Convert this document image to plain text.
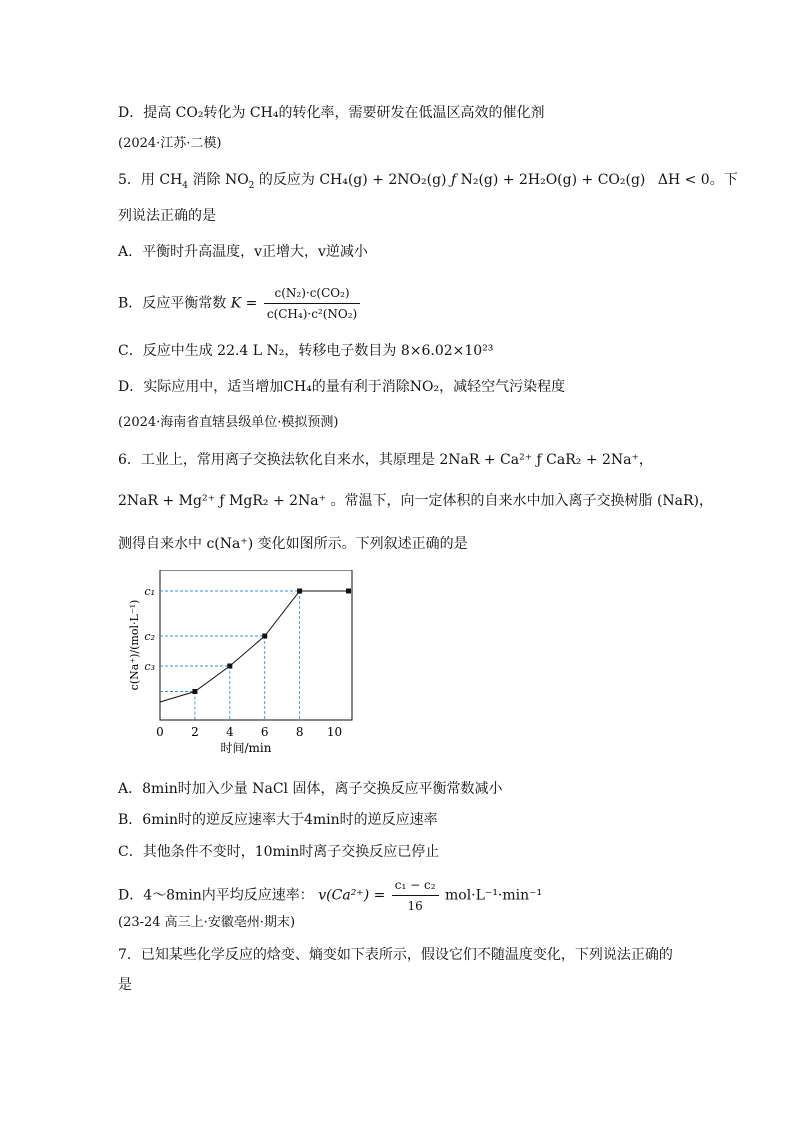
D．提高 CO₂转化为 CH₄的转化率，需要研发在低温区高效的催化剂
(2024·江苏·二模)
5．用 $CH_4$ 消除 $NO_2$ 的反应为 CH₄(g) + 2NO₂(g) ƒ N₂(g) + 2H₂O(g) + CO₂(g) ΔH < 0。下
列说法正确的是
A．平衡时升高温度，v正增大，v逆减小
B．反应平衡常数 $K = \frac{\text{c(N₂)·c(CO₂)}}{\text{c(CH₄)·c²(NO₂)}}$
C．反应中生成 22.4 L N₂，转移电子数目为 8×6.02×10²³
D．实际应用中，适当增加CH₄的量有利于消除NO₂，减轻空气污染程度
(2024·海南省直辖县级单位·模拟预测)
6．工业上，常用离子交换法软化自来水，其原理是 2NaR + Ca²⁺ ƒ CaR₂ + 2Na⁺，
2NaR + Mg²⁺ ƒ MgR₂ + 2Na⁺ 。常温下，向一定体积的自来水中加入离子交换树脂 (NaR)，
测得自来水中 c(Na⁺) 变化如图所示。下列叙述正确的是
0 2 4 6 8 10
c₁
c₂
c₃
时间/min
c(Na⁺)/(mol·L⁻¹)
A．8min时加入少量 NaCl 固体，离子交换反应平衡常数减小
B．6min时的逆反应速率大于4min时的逆反应速率
C．其他条件不变时，10min时离子交换反应已停止
D．4～8min内平均反应速率： $v(Ca^{2+}) = \frac{\text{c₁ − c₂}}{16} mol\cdot L^{-1}\cdot\min^{-1}$
(23-24 高三上·安徽亳州·期末)
7．已知某些化学反应的焓变、熵变如下表所示，假设它们不随温度变化，下列说法正确的
是
